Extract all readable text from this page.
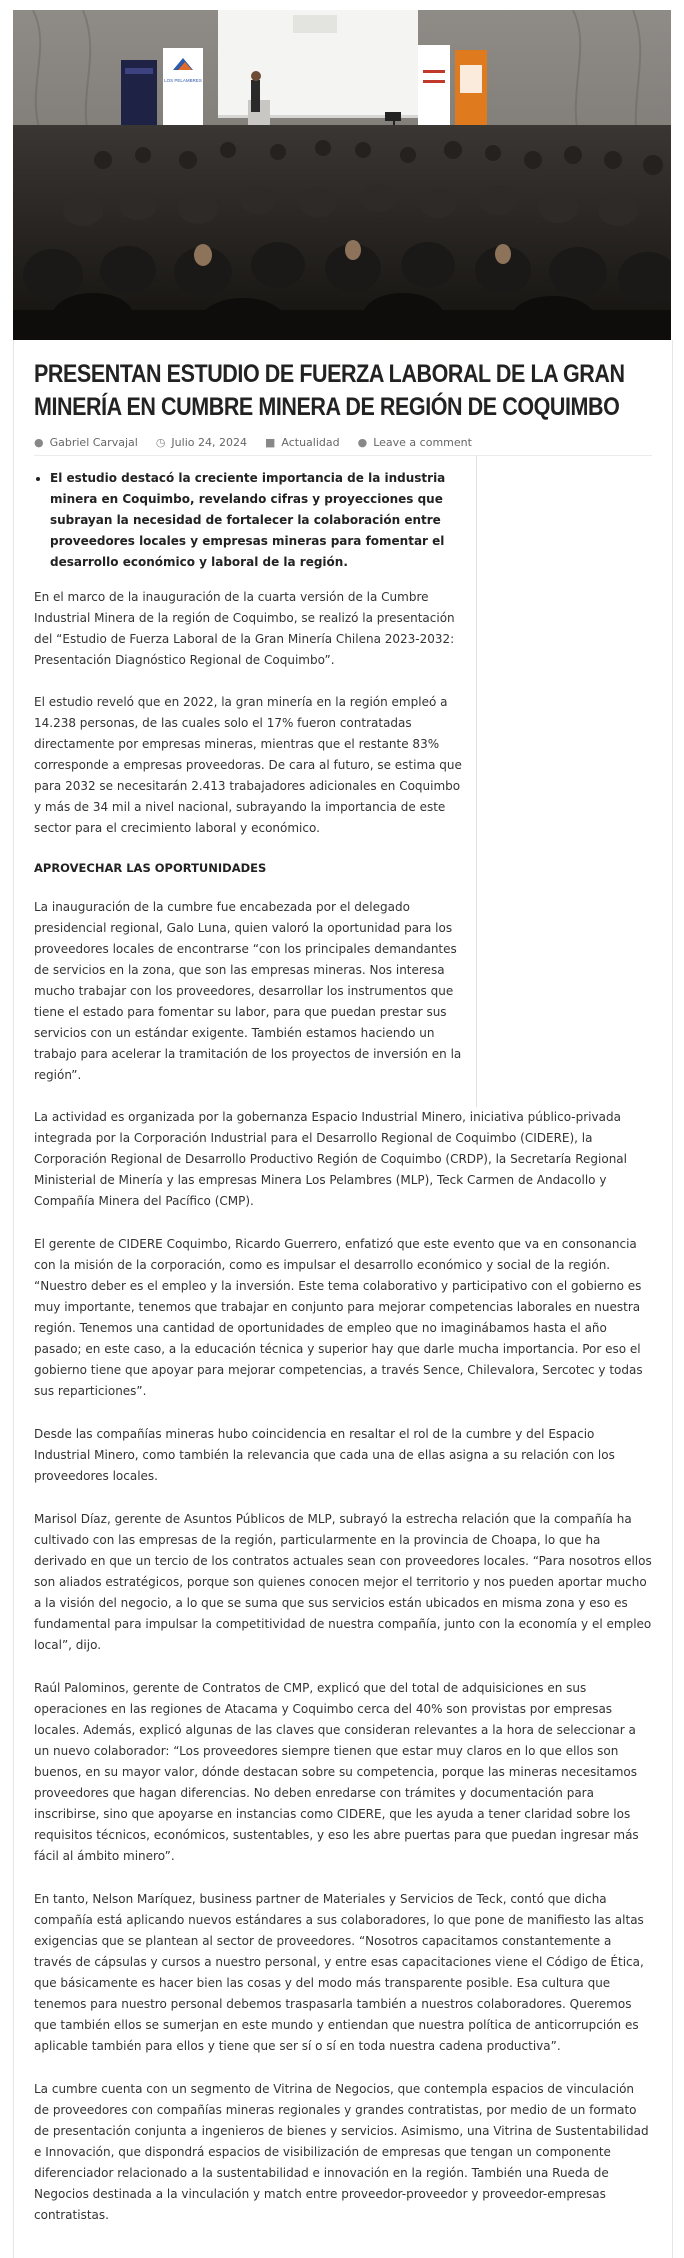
LOS PELAMBRES
PRESENTAN ESTUDIO DE FUERZA LABORAL DE LA GRAN MINERÍA EN CUMBRE MINERA DE REGIÓN DE COQUIMBO
● Gabriel Carvajal ◷ Julio 24, 2024 ■ Actualidad ● Leave a comment
• El estudio destacó la creciente importancia de la industria minera en Coquimbo, revelando cifras y proyecciones que subrayan la necesidad de fortalecer la colaboración entre proveedores locales y empresas mineras para fomentar el desarrollo económico y laboral de la región.

En el marco de la inauguración de la cuarta versión de la Cumbre Industrial Minera de la región de Coquimbo, se realizó la presentación del “Estudio de Fuerza Laboral de la Gran Minería Chilena 2023-2032: Presentación Diagnóstico Regional de Coquimbo”.

El estudio reveló que en 2022, la gran minería en la región empleó a 14.238 personas, de las cuales solo el 17% fueron contratadas directamente por empresas mineras, mientras que el restante 83% corresponde a empresas proveedoras. De cara al futuro, se estima que para 2032 se necesitarán 2.413 trabajadores adicionales en Coquimbo y más de 34 mil a nivel nacional, subrayando la importancia de este sector para el crecimiento laboral y económico.

APROVECHAR LAS OPORTUNIDADES

La inauguración de la cumbre fue encabezada por el delegado presidencial regional, Galo Luna, quien valoró la oportunidad para los proveedores locales de encontrarse “con los principales demandantes de servicios en la zona, que son las empresas mineras. Nos interesa mucho trabajar con los proveedores, desarrollar los instrumentos que tiene el estado para fomentar su labor, para que puedan prestar sus servicios con un estándar exigente. También estamos haciendo un trabajo para acelerar la tramitación de los proyectos de inversión en la región”.

La actividad es organizada por la gobernanza Espacio Industrial Minero, iniciativa público-privada integrada por la Corporación Industrial para el Desarrollo Regional de Coquimbo (CIDERE), la Corporación Regional de Desarrollo Productivo Región de Coquimbo (CRDP), la Secretaría Regional Ministerial de Minería y las empresas Minera Los Pelambres (MLP), Teck Carmen de Andacollo y Compañía Minera del Pacífico (CMP).

El gerente de CIDERE Coquimbo, Ricardo Guerrero, enfatizó que este evento que va en consonancia con la misión de la corporación, como es impulsar el desarrollo económico y social de la región. “Nuestro deber es el empleo y la inversión. Este tema colaborativo y participativo con el gobierno es muy importante, tenemos que trabajar en conjunto para mejorar competencias laborales en nuestra región. Tenemos una cantidad de oportunidades de empleo que no imaginábamos hasta el año pasado; en este caso, a la educación técnica y superior hay que darle mucha importancia. Por eso el gobierno tiene que apoyar para mejorar competencias, a través Sence, Chilevalora, Sercotec y todas sus reparticiones”.

Desde las compañías mineras hubo coincidencia en resaltar el rol de la cumbre y del Espacio Industrial Minero, como también la relevancia que cada una de ellas asigna a su relación con los proveedores locales.

Marisol Díaz, gerente de Asuntos Públicos de MLP, subrayó la estrecha relación que la compañía ha cultivado con las empresas de la región, particularmente en la provincia de Choapa, lo que ha derivado en que un tercio de los contratos actuales sean con proveedores locales. “Para nosotros ellos son aliados estratégicos, porque son quienes conocen mejor el territorio y nos pueden aportar mucho a la visión del negocio, a lo que se suma que sus servicios están ubicados en misma zona y eso es fundamental para impulsar la competitividad de nuestra compañía, junto con la economía y el empleo local”, dijo.

Raúl Palominos, gerente de Contratos de CMP, explicó que del total de adquisiciones en sus operaciones en las regiones de Atacama y Coquimbo cerca del 40% son provistas por empresas locales. Además, explicó algunas de las claves que consideran relevantes a la hora de seleccionar a un nuevo colaborador: “Los proveedores siempre tienen que estar muy claros en lo que ellos son buenos, en su mayor valor, dónde destacan sobre su competencia, porque las mineras necesitamos proveedores que hagan diferencias. No deben enredarse con trámites y documentación para inscribirse, sino que apoyarse en instancias como CIDERE, que les ayuda a tener claridad sobre los requisitos técnicos, económicos, sustentables, y eso les abre puertas para que puedan ingresar más fácil al ámbito minero”.

En tanto, Nelson Maríquez, business partner de Materiales y Servicios de Teck, contó que dicha compañía está aplicando nuevos estándares a sus colaboradores, lo que pone de manifiesto las altas exigencias que se plantean al sector de proveedores. “Nosotros capacitamos constantemente a través de cápsulas y cursos a nuestro personal, y entre esas capacitaciones viene el Código de Ética, que básicamente es hacer bien las cosas y del modo más transparente posible. Esa cultura que tenemos para nuestro personal debemos traspasarla también a nuestros colaboradores. Queremos que también ellos se sumerjan en este mundo y entiendan que nuestra política de anticorrupción es aplicable también para ellos y tiene que ser sí o sí en toda nuestra cadena productiva”.

La cumbre cuenta con un segmento de Vitrina de Negocios, que contempla espacios de vinculación de proveedores con compañías mineras regionales y grandes contratistas, por medio de un formato de presentación conjunta a ingenieros de bienes y servicios. Asimismo, una Vitrina de Sustentabilidad e Innovación, que dispondrá espacios de visibilización de empresas que tengan un componente diferenciador relacionado a la sustentabilidad e innovación en la región. También una Rueda de Negocios destinada a la vinculación y match entre proveedor-proveedor y proveedor-empresas contratistas.
